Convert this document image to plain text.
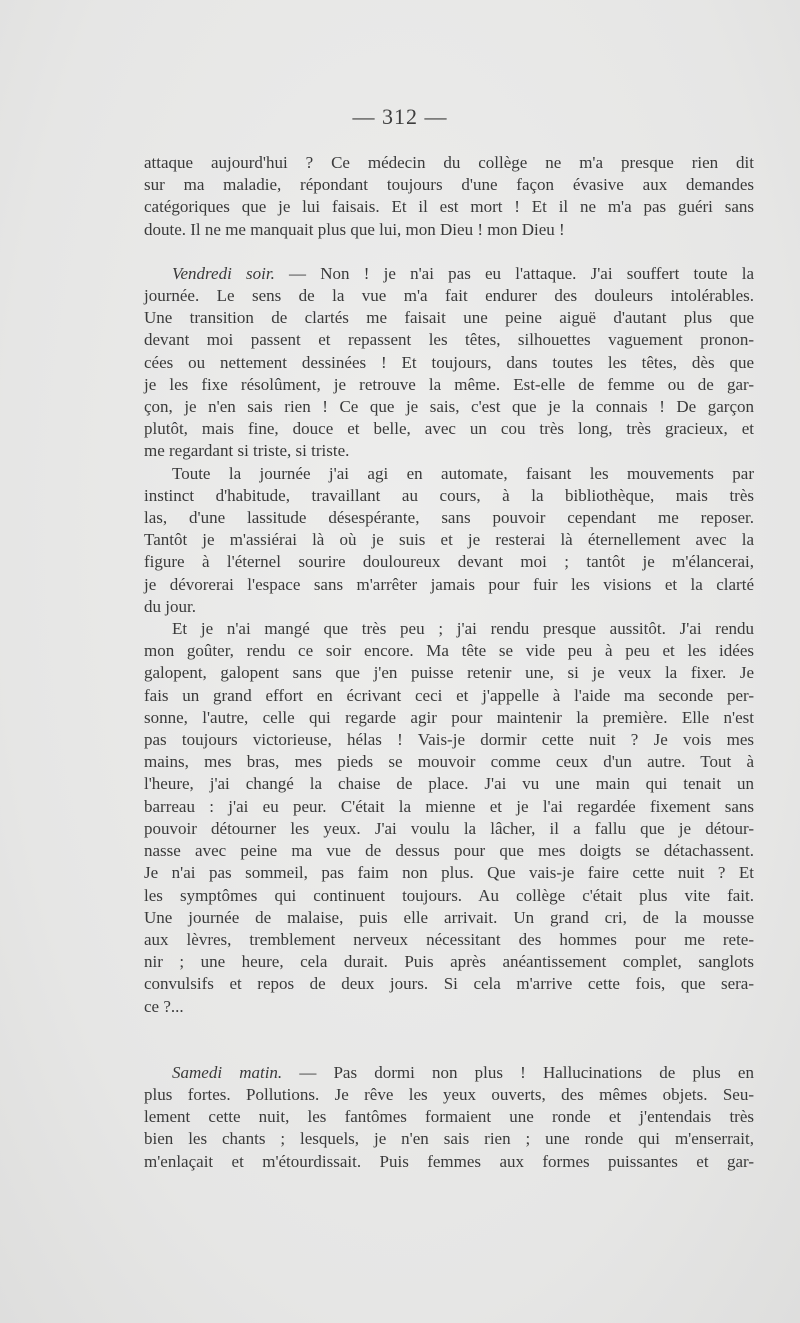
— 312 —
attaque aujourd'hui ? Ce médecin du collège ne m'a presque rien dit
sur ma maladie, répondant toujours d'une façon évasive aux demandes
catégoriques que je lui faisais. Et il est mort ! Et il ne m'a pas guéri sans
doute. Il ne me manquait plus que lui, mon Dieu ! mon Dieu !
Vendredi soir. — Non ! je n'ai pas eu l'attaque. J'ai souffert toute la
journée. Le sens de la vue m'a fait endurer des douleurs intolérables.
Une transition de clartés me faisait une peine aiguë d'autant plus que
devant moi passent et repassent les têtes, silhouettes vaguement pronon-
cées ou nettement dessinées ! Et toujours, dans toutes les têtes, dès que
je les fixe résolûment, je retrouve la même. Est-elle de femme ou de gar-
çon, je n'en sais rien ! Ce que je sais, c'est que je la connais ! De garçon
plutôt, mais fine, douce et belle, avec un cou très long, très gracieux, et
me regardant si triste, si triste.
Toute la journée j'ai agi en automate, faisant les mouvements par
instinct d'habitude, travaillant au cours, à la bibliothèque, mais très
las, d'une lassitude désespérante, sans pouvoir cependant me reposer.
Tantôt je m'assiérai là où je suis et je resterai là éternellement avec la
figure à l'éternel sourire douloureux devant moi ; tantôt je m'élancerai,
je dévorerai l'espace sans m'arrêter jamais pour fuir les visions et la clarté
du jour.
Et je n'ai mangé que très peu ; j'ai rendu presque aussitôt. J'ai rendu
mon goûter, rendu ce soir encore. Ma tête se vide peu à peu et les idées
galopent, galopent sans que j'en puisse retenir une, si je veux la fixer. Je
fais un grand effort en écrivant ceci et j'appelle à l'aide ma seconde per-
sonne, l'autre, celle qui regarde agir pour maintenir la première. Elle n'est
pas toujours victorieuse, hélas ! Vais-je dormir cette nuit ? Je vois mes
mains, mes bras, mes pieds se mouvoir comme ceux d'un autre. Tout à
l'heure, j'ai changé la chaise de place. J'ai vu une main qui tenait un
barreau : j'ai eu peur. C'était la mienne et je l'ai regardée fixement sans
pouvoir détourner les yeux. J'ai voulu la lâcher, il a fallu que je détour-
nasse avec peine ma vue de dessus pour que mes doigts se détachassent.
Je n'ai pas sommeil, pas faim non plus. Que vais-je faire cette nuit ? Et
les symptômes qui continuent toujours. Au collège c'était plus vite fait.
Une journée de malaise, puis elle arrivait. Un grand cri, de la mousse
aux lèvres, tremblement nerveux nécessitant des hommes pour me rete-
nir ; une heure, cela durait. Puis après anéantissement complet, sanglots
convulsifs et repos de deux jours. Si cela m'arrive cette fois, que sera-
ce ?...
Samedi matin. — Pas dormi non plus ! Hallucinations de plus en
plus fortes. Pollutions. Je rêve les yeux ouverts, des mêmes objets. Seu-
lement cette nuit, les fantômes formaient une ronde et j'entendais très
bien les chants ; lesquels, je n'en sais rien ; une ronde qui m'enserrait,
m'enlaçait et m'étourdissait. Puis femmes aux formes puissantes et gar-
